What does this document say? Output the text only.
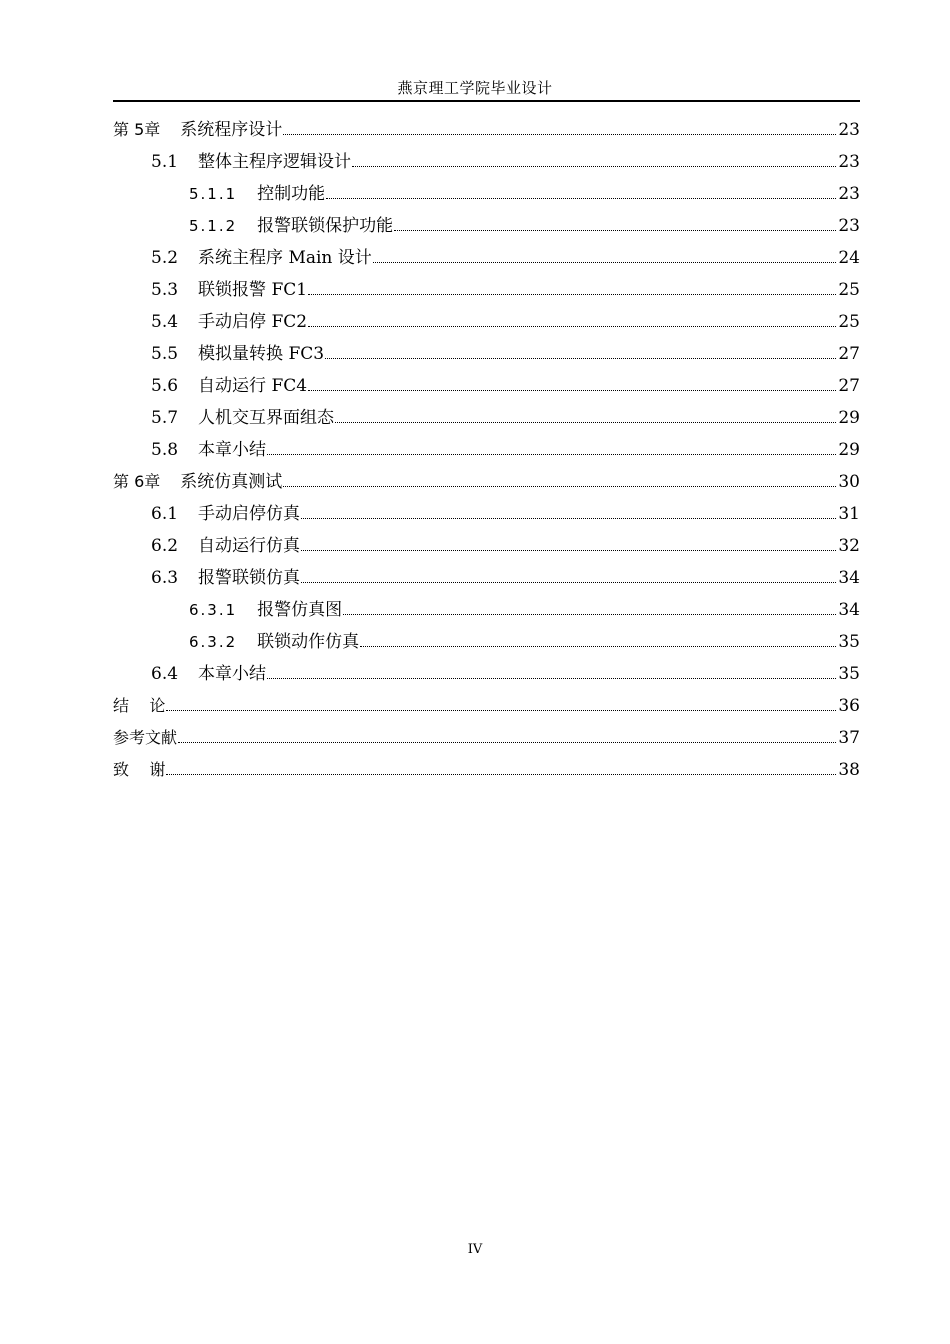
燕京理工学院毕业设计
第 5章 系统程序设计	23
5.1 整体主程序逻辑设计	23
5.1.1 控制功能	23
5.1.2 报警联锁保护功能	23
5.2 系统主程序 Main 设计	24
5.3 联锁报警 FC1	25
5.4 手动启停 FC2	25
5.5 模拟量转换 FC3	27
5.6 自动运行 FC4	27
5.7 人机交互界面组态	29
5.8 本章小结	29
第 6章 系统仿真测试	30
6.1 手动启停仿真	31
6.2 自动运行仿真	32
6.3 报警联锁仿真	34
6.3.1 报警仿真图	34
6.3.2 联锁动作仿真	35
6.4 本章小结	35
结    论	36
参考文献	37
致    谢	38
IV
